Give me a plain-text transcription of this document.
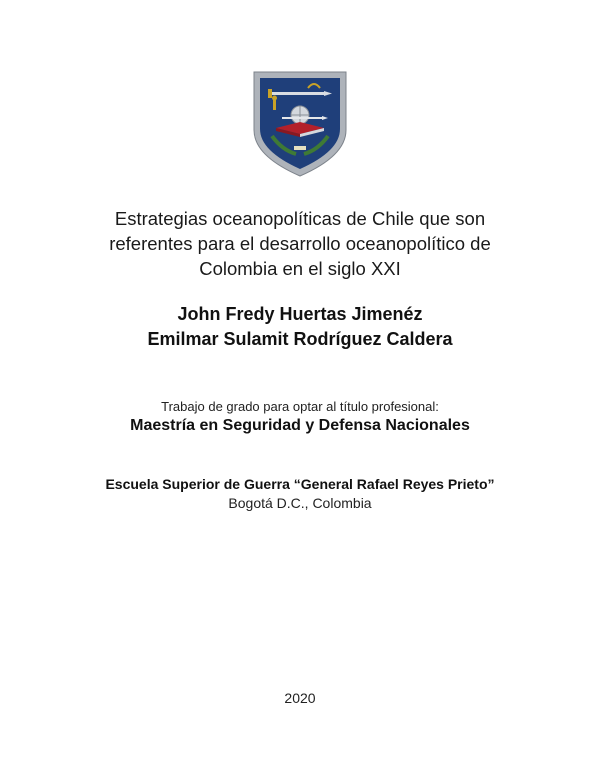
Estrategias oceanopolíticas de Chile que son
referentes para el desarrollo oceanopolítico de
Colombia en el siglo XXI
John Fredy Huertas Jimenéz
Emilmar Sulamit Rodríguez Caldera
Trabajo de grado para optar al título profesional:
Maestría en Seguridad y Defensa Nacionales
Escuela Superior de Guerra “General Rafael Reyes Prieto”
Bogotá D.C., Colombia
2020
